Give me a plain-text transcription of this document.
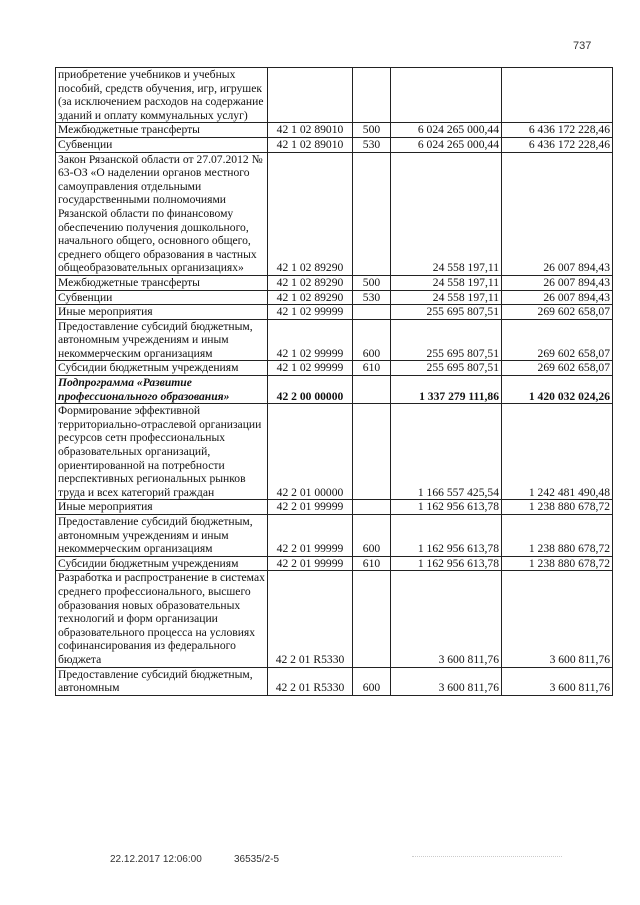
737
приобретение учебников и учебных пособий, средств обучения, игр, игрушек (за исключением расходов на содержание зданий и оплату коммунальных услуг)				
Межбюджетные трансферты	42 1 02 89010	500	6 024 265 000,44	6 436 172 228,46
Субвенции	42 1 02 89010	530	6 024 265 000,44	6 436 172 228,46
Закон Рязанской области от 27.07.2012 № 63-ОЗ «О наделении органов местного самоуправления отдельными государственными полномочиями Рязанской области по финансовому обеспечению получения дошкольного, начального общего, основного общего, среднего общего образования в частных общеобразовательных организациях»	42 1 02 89290		24 558 197,11	26 007 894,43
Межбюджетные трансферты	42 1 02 89290	500	24 558 197,11	26 007 894,43
Субвенции	42 1 02 89290	530	24 558 197,11	26 007 894,43
Иные мероприятия	42 1 02 99999		255 695 807,51	269 602 658,07
Предоставление субсидий бюджетным, автономным учреждениям и иным некоммерческим организациям	42 1 02 99999	600	255 695 807,51	269 602 658,07
Субсидии бюджетным учреждениям	42 1 02 99999	610	255 695 807,51	269 602 658,07
Подпрограмма «Развитие профессионального образования»	42 2 00 00000		1 337 279 111,86	1 420 032 024,26
Формирование эффективной территориально-отраслевой организации ресурсов сетн профессиональных образовательных организаций, ориентированной на потребности перспективных региональных рынков труда и всех категорий граждан	42 2 01 00000		1 166 557 425,54	1 242 481 490,48
Иные мероприятия	42 2 01 99999		1 162 956 613,78	1 238 880 678,72
Предоставление субсидий бюджетным, автономным учреждениям и иным некоммерческим организациям	42 2 01 99999	600	1 162 956 613,78	1 238 880 678,72
Субсидии бюджетным учреждениям	42 2 01 99999	610	1 162 956 613,78	1 238 880 678,72
Разработка и распространение в системах среднего профессионального, высшего образования новых образовательных технологий и форм организации образовательного процесса на условиях софинансирования из федерального бюджета	42 2 01 R5330		3 600 811,76	3 600 811,76
Предоставление субсидий бюджетным, автономным	42 2 01 R5330	600	3 600 811,76	3 600 811,76
22.12.2017 12:06:00	36535/2-5
